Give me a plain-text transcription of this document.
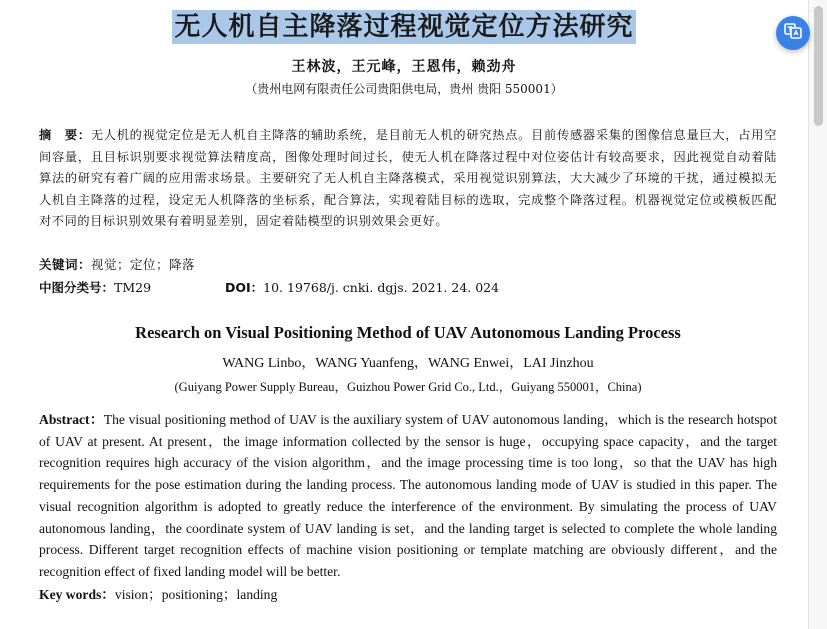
无人机自主降落过程视觉定位方法研究
王林波，王元峰，王恩伟，赖劲舟
（贵州电网有限责任公司贵阳供电局，贵州 贵阳 550001）
摘　要：无人机的视觉定位是无人机自主降落的辅助系统，是目前无人机的研究热点。目前传感器采集的图像信息量巨大，占用空间容量，且目标识别要求视觉算法精度高，图像处理时间过长，使无人机在降落过程中对位姿估计有较高要求，因此视觉自动着陆算法的研究有着广阔的应用需求场景。主要研究了无人机自主降落模式，采用视觉识别算法，大大减少了环境的干扰，通过模拟无人机自主降落的过程，设定无人机降落的坐标系，配合算法，实现着陆目标的选取，完成整个降落过程。机器视觉定位或模板匹配对不同的目标识别效果有着明显差别，固定着陆模型的识别效果会更好。
关键词：视觉；定位；降落
中图分类号：TM29	DOI：10. 19768/j. cnki. dgjs. 2021. 24. 024
Research on Visual Positioning Method of UAV Autonomous Landing Process
WANG Linbo，WANG Yuanfeng，WANG Enwei，LAI Jinzhou
(Guiyang Power Supply Bureau，Guizhou Power Grid Co., Ltd.，Guiyang 550001，China)
Abstract：The visual positioning method of UAV is the auxiliary system of UAV autonomous landing，which is the research hotspot of UAV at present. At present，the image information collected by the sensor is huge，occupying space capacity，and the target recognition requires high accuracy of the vision algorithm，and the image processing time is too long，so that the UAV has high requirements for the pose estimation during the landing process. The autonomous landing mode of UAV is studied in this paper. The visual recognition algorithm is adopted to greatly reduce the interference of the environment. By simulating the process of UAV autonomous landing，the coordinate system of UAV landing is set，and the landing target is selected to complete the whole landing process. Different target recognition effects of machine vision positioning or template matching are obviously different，and the recognition effect of fixed landing model will be better.
Key words：vision；positioning；landing
